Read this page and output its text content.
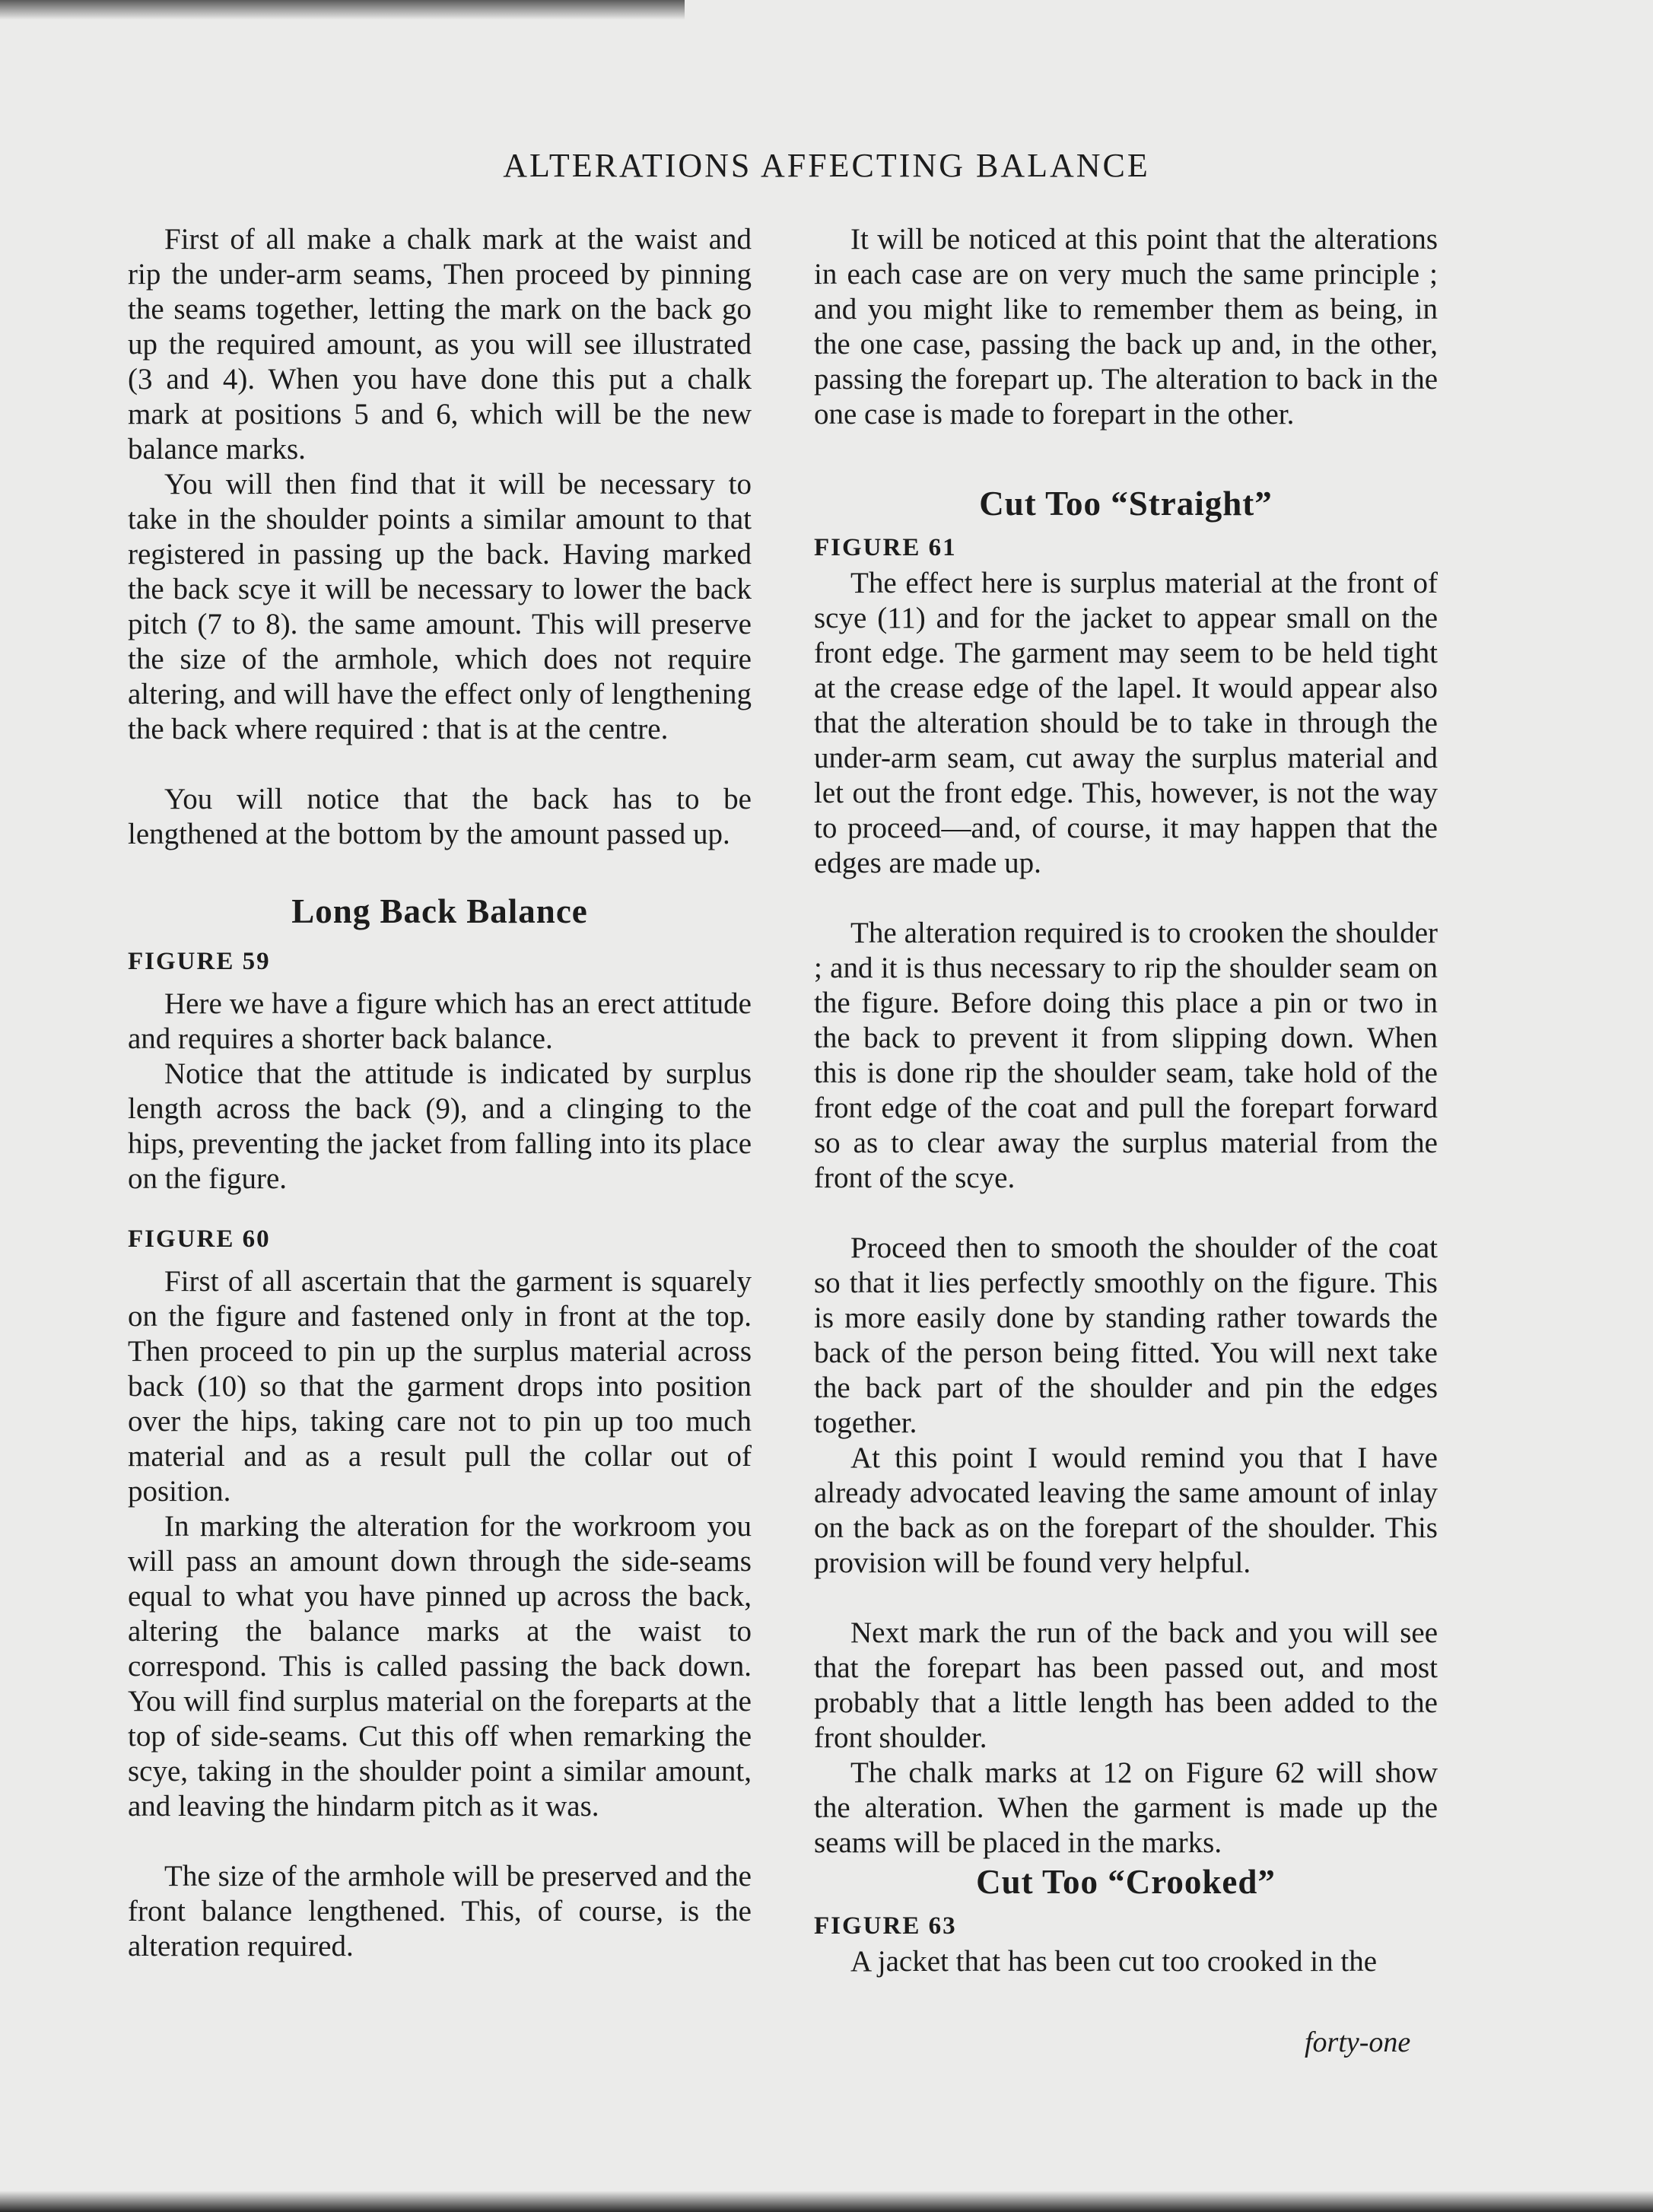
ALTERATIONS AFFECTING BALANCE

First of all make a chalk mark at the waist and rip the under-arm seams, Then proceed by pinning the seams together, letting the mark on the back go up the required amount, as you will see illustrated (3 and 4). When you have done this put a chalk mark at positions 5 and 6, which will be the new balance marks.

You will then find that it will be necessary to take in the shoulder points a similar amount to that registered in passing up the back. Having marked the back scye it will be necessary to lower the back pitch (7 to 8). the same amount. This will preserve the size of the armhole, which does not require altering, and will have the effect only of lengthening the back where required : that is at the centre.

You will notice that the back has to be lengthened at the bottom by the amount passed up.

Long Back Balance
FIGURE 59

Here we have a figure which has an erect attitude and requires a shorter back balance.

Notice that the attitude is indicated by surplus length across the back (9), and a clinging to the hips, preventing the jacket from falling into its place on the figure.

FIGURE 60

First of all ascertain that the garment is squarely on the figure and fastened only in front at the top. Then proceed to pin up the surplus material across back (10) so that the garment drops into position over the hips, taking care not to pin up too much material and as a result pull the collar out of position.

In marking the alteration for the workroom you will pass an amount down through the side-seams equal to what you have pinned up across the back, altering the balance marks at the waist to correspond. This is called passing the back down. You will find surplus material on the foreparts at the top of side-seams. Cut this off when remarking the scye, taking in the shoulder point a similar amount, and leaving the hindarm pitch as it was.

The size of the armhole will be preserved and the front balance lengthened. This, of course, is the alteration required.

It will be noticed at this point that the alterations in each case are on very much the same principle ; and you might like to remember them as being, in the one case, passing the back up and, in the other, passing the forepart up. The alteration to back in the one case is made to forepart in the other.

Cut Too “Straight”
FIGURE 61

The effect here is surplus material at the front of scye (11) and for the jacket to appear small on the front edge. The garment may seem to be held tight at the crease edge of the lapel. It would appear also that the alteration should be to take in through the under-arm seam, cut away the surplus material and let out the front edge. This, however, is not the way to proceed—and, of course, it may happen that the edges are made up.

The alteration required is to crooken the shoulder ; and it is thus necessary to rip the shoulder seam on the figure. Before doing this place a pin or two in the back to prevent it from slipping down. When this is done rip the shoulder seam, take hold of the front edge of the coat and pull the forepart forward so as to clear away the surplus material from the front of the scye.

Proceed then to smooth the shoulder of the coat so that it lies perfectly smoothly on the figure. This is more easily done by standing rather towards the back of the person being fitted. You will next take the back part of the shoulder and pin the edges together.

At this point I would remind you that I have already advocated leaving the same amount of inlay on the back as on the forepart of the shoulder. This provision will be found very helpful.

Next mark the run of the back and you will see that the forepart has been passed out, and most probably that a little length has been added to the front shoulder.

The chalk marks at 12 on Figure 62 will show the alteration. When the garment is made up the seams will be placed in the marks.

Cut Too “Crooked”
FIGURE 63

A jacket that has been cut too crooked in the

forty-one
